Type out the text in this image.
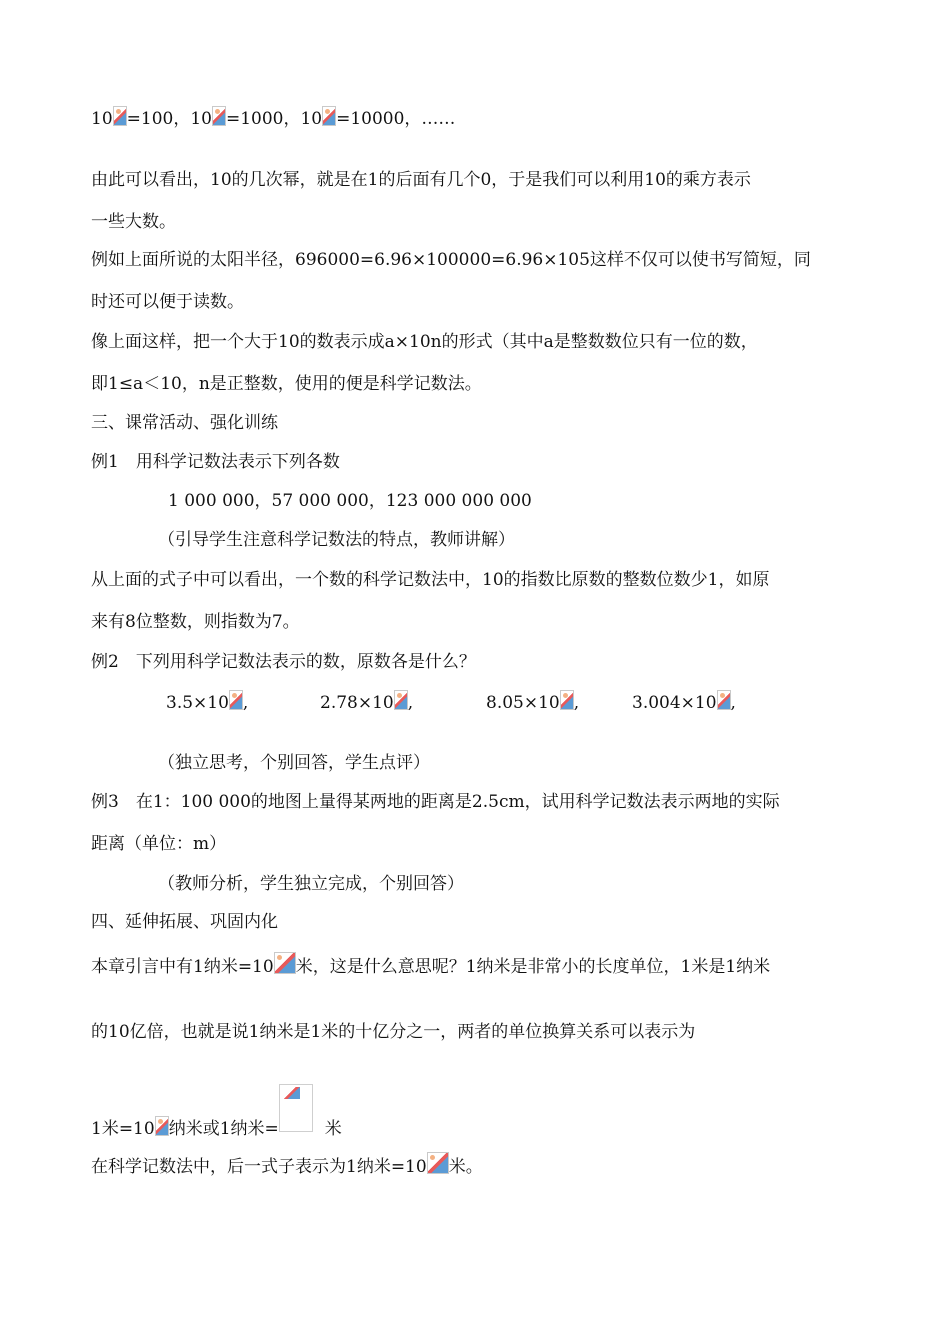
10 =100，10 =1000，10 =10000，……
由此可以看出，10的几次幂，就是在1的后面有几个0，于是我们可以利用10的乘方表示
一些大数。
例如上面所说的太阳半径，696000=6.96×100000=6.96×105这样不仅可以使书写简短，同
时还可以便于读数。
像上面这样，把一个大于10的数表示成a×10n的形式（其中a是整数数位只有一位的数，
即1≤a＜10，n是正整数，使用的便是科学记数法。
三、课常活动、强化训练
例1　用科学记数法表示下列各数
1 000 000，57 000 000，123 000 000 000
（引导学生注意科学记数法的特点，教师讲解）
从上面的式子中可以看出，一个数的科学记数法中，10的指数比原数的整数位数少1，如原
来有8位整数，则指数为7。
例2　下列用科学记数法表示的数，原数各是什么？
3.5×10 ,	2.78×10 ,	8.05×10 ,	3.004×10 ,
（独立思考，个别回答，学生点评）
例3　在1：100 000的地图上量得某两地的距离是2.5cm，试用科学记数法表示两地的实际
距离（单位：m）
（教师分析，学生独立完成，个别回答）
四、延伸拓展、巩固内化
本章引言中有1纳米=10 米，这是什么意思呢？1纳米是非常小的长度单位，1米是1纳米
的10亿倍，也就是说1纳米是1米的十亿分之一，两者的单位换算关系可以表示为
1米=10 纳米或1纳米=	米
在科学记数法中，后一式子表示为1纳米=10 米。
